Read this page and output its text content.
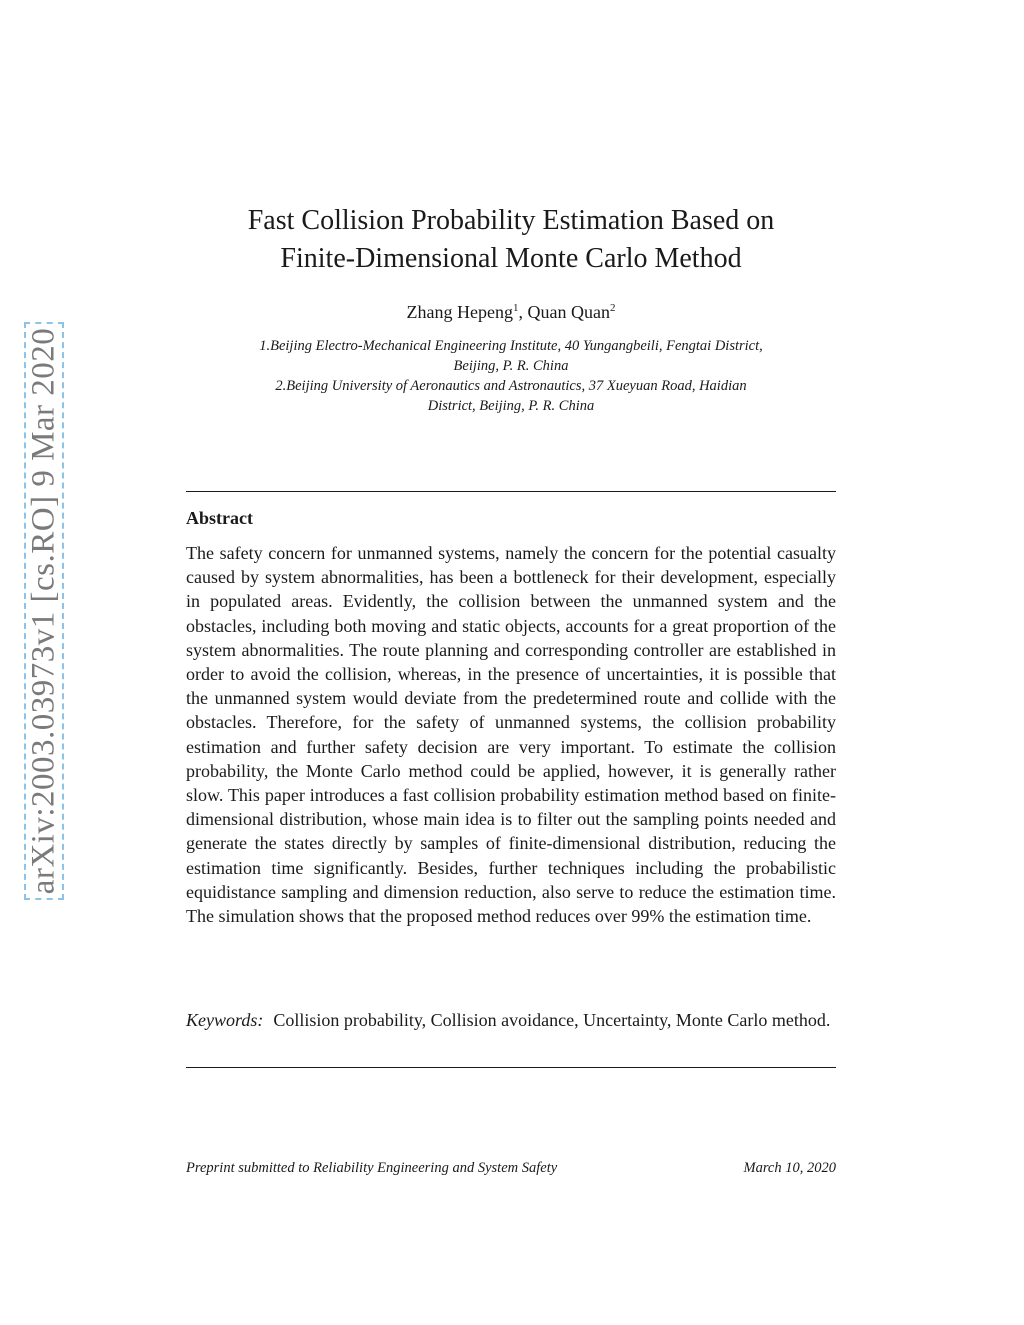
arXiv:2003.03973v1 [cs.RO] 9 Mar 2020
Fast Collision Probability Estimation Based on
Finite-Dimensional Monte Carlo Method
Zhang Hepeng$^1$, Quan Quan$^2$
1.Beijing Electro-Mechanical Engineering Institute, 40 Yungangbeili, Fengtai District,
Beijing, P. R. China
2.Beijing University of Aeronautics and Astronautics, 37 Xueyuan Road, Haidian
District, Beijing, P. R. China
Abstract

The safety concern for unmanned systems, namely the concern for the potential casualty caused by system abnormalities, has been a bottleneck for their development, especially in populated areas. Evidently, the collision between the unmanned system and the obstacles, including both moving and static objects, accounts for a great proportion of the system abnormalities. The route planning and corresponding controller are established in order to avoid the collision, whereas, in the presence of uncertainties, it is possible that the unmanned system would deviate from the predetermined route and collide with the obstacles. Therefore, for the safety of unmanned systems, the collision probability estimation and further safety decision are very important. To estimate the collision probability, the Monte Carlo method could be applied, however, it is generally rather slow. This paper introduces a fast collision probability estimation method based on finite-dimensional distribution, whose main idea is to filter out the sampling points needed and generate the states directly by samples of finite-dimensional distribution, reducing the estimation time significantly. Besides, further techniques including the probabilistic equidistance sampling and dimension reduction, also serve to reduce the estimation time. The simulation shows that the proposed method reduces over 99% the estimation time.

Keywords: Collision probability, Collision avoidance, Uncertainty, Monte Carlo method.

Preprint submitted to Reliability Engineering and System Safety	March 10, 2020
